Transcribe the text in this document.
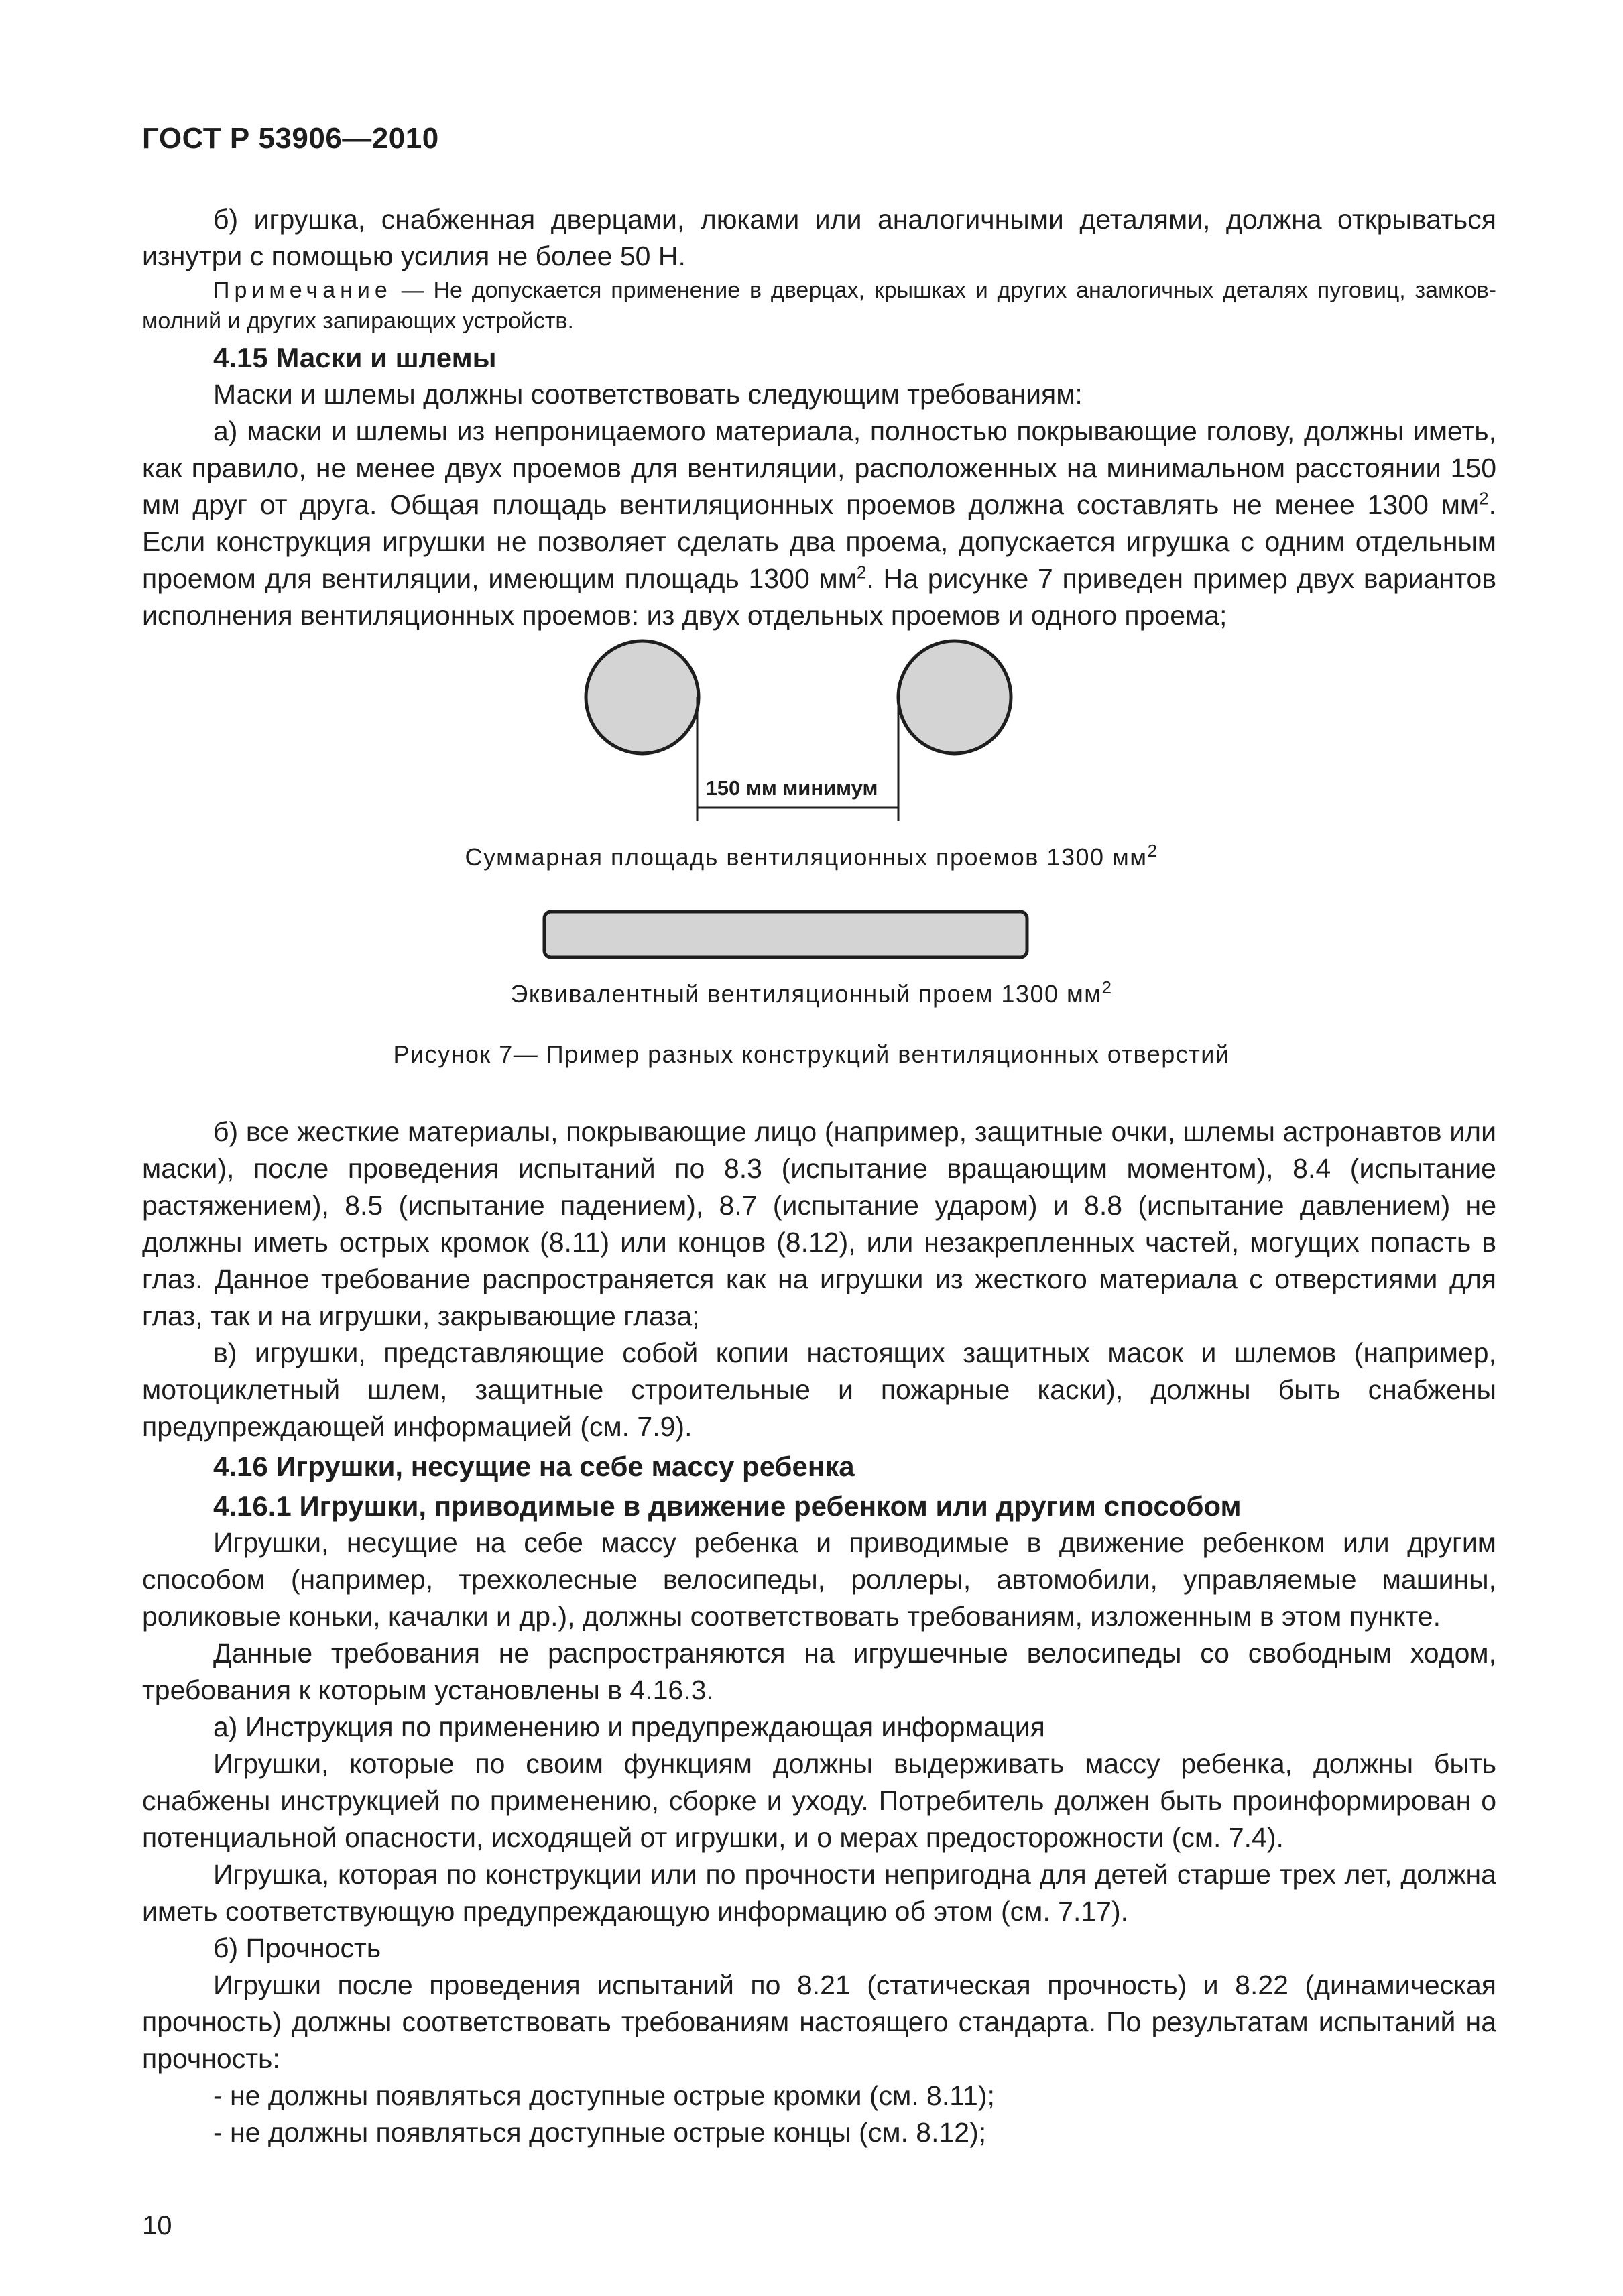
ГОСТ Р 53906—2010

б) игрушка, снабженная дверцами, люками или аналогичными деталями, должна открываться изнутри с помощью усилия не более 50 Н.

Примечание — Не допускается применение в дверцах, крышках и других аналогичных деталях пуговиц, замков-молний и других запирающих устройств.

4.15 Маски и шлемы

Маски и шлемы должны соответствовать следующим требованиям:

а) маски и шлемы из непроницаемого материала, полностью покрывающие голову, должны иметь, как правило, не менее двух проемов для вентиляции, расположенных на минимальном расстоянии 150 мм друг от друга. Общая площадь вентиляционных проемов должна составлять не менее 1300 $мм^2$. Если конструкция игрушки не позволяет сделать два проема, допускается игрушка с одним отдельным проемом для вентиляции, имеющим площадь 1300 $мм^2$. На рисунке 7 приведен пример двух вариантов исполнения вентиляционных проемов: из двух отдельных проемов и одного проема;

150 мм минимум
Суммарная площадь вентиляционных проемов 1300 $мм^2$
Эквивалентный вентиляционный проем 1300 $мм^2$
Рисунок 7— Пример разных конструкций вентиляционных отверстий

б) все жесткие материалы, покрывающие лицо (например, защитные очки, шлемы астронавтов или маски), после проведения испытаний по 8.3 (испытание вращающим моментом), 8.4 (испытание растяжением), 8.5 (испытание падением), 8.7 (испытание ударом) и 8.8 (испытание давлением) не должны иметь острых кромок (8.11) или концов (8.12), или незакрепленных частей, могущих попасть в глаз. Данное требование распространяется как на игрушки из жесткого материала с отверстиями для глаз, так и на игрушки, закрывающие глаза;

в) игрушки, представляющие собой копии настоящих защитных масок и шлемов (например, мотоциклетный шлем, защитные строительные и пожарные каски), должны быть снабжены предупреждающей информацией (см. 7.9).

4.16 Игрушки, несущие на себе массу ребенка

4.16.1 Игрушки, приводимые в движение ребенком или другим способом

Игрушки, несущие на себе массу ребенка и приводимые в движение ребенком или другим способом (например, трехколесные велосипеды, роллеры, автомобили, управляемые машины, роликовые коньки, качалки и др.), должны соответствовать требованиям, изложенным в этом пункте.

Данные требования не распространяются на игрушечные велосипеды со свободным ходом, требования к которым установлены в 4.16.3.

а) Инструкция по применению и предупреждающая информация

Игрушки, которые по своим функциям должны выдерживать массу ребенка, должны быть снабжены инструкцией по применению, сборке и уходу. Потребитель должен быть проинформирован о потенциальной опасности, исходящей от игрушки, и о мерах предосторожности (см. 7.4).

Игрушка, которая по конструкции или по прочности непригодна для детей старше трех лет, должна иметь соответствующую предупреждающую информацию об этом (см. 7.17).

б) Прочность

Игрушки после проведения испытаний по 8.21 (статическая прочность) и 8.22 (динамическая прочность) должны соответствовать требованиям настоящего стандарта. По результатам испытаний на прочность:

- не должны появляться доступные острые кромки (см. 8.11);

- не должны появляться доступные острые концы (см. 8.12);

10
